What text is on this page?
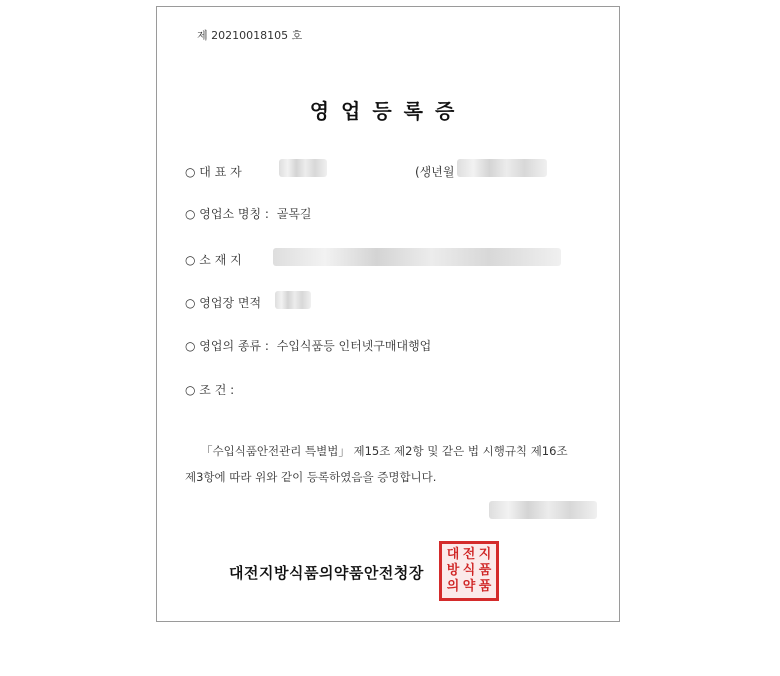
제 20210018105 호
영업등록증
○ 대 표 자	(생년월
○ 영업소 명칭 : 골목길
○ 소 재 지
○ 영업장 면적
○ 영업의 종류 : 수입식품등 인터넷구매대행업
○ 조 건 :
「수입식품안전관리 특별법」 제15조 제2항 및 같은 법 시행규칙 제16조
제3항에 따라 위와 같이 등록하였음을 증명합니다.
대전지방식품의약품안전청장
대 전 지
방 식 품
의 약 품
